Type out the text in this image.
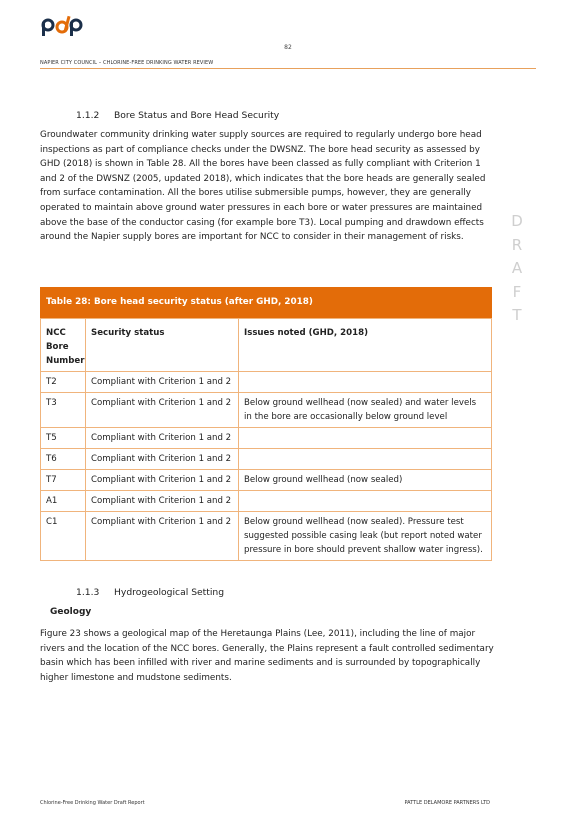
82
NAPIER CITY COUNCIL – CHLORINE-FREE DRINKING WATER REVIEW
1.1.2 Bore Status and Bore Head Security
Groundwater community drinking water supply sources are required to regularly undergo bore head inspections as part of compliance checks under the DWSNZ. The bore head security as assessed by GHD (2018) is shown in Table 28. All the bores have been classed as fully compliant with Criterion 1 and 2 of the DWSNZ (2005, updated 2018), which indicates that the bore heads are generally sealed from surface contamination. All the bores utilise submersible pumps, however, they are generally operated to maintain above ground water pressures in each bore or water pressures are maintained above the base of the conductor casing (for example bore T3). Local pumping and drawdown effects around the Napier supply bores are important for NCC to consider in their management of risks.
D
R
A
F
T
Table 28: Bore head security status (after GHD, 2018)
NCC Bore Number	Security status	Issues noted (GHD, 2018)
T2	Compliant with Criterion 1 and 2	
T3	Compliant with Criterion 1 and 2	Below ground wellhead (now sealed) and water levels in the bore are occasionally below ground level
T5	Compliant with Criterion 1 and 2	
T6	Compliant with Criterion 1 and 2	
T7	Compliant with Criterion 1 and 2	Below ground wellhead (now sealed)
A1	Compliant with Criterion 1 and 2	
C1	Compliant with Criterion 1 and 2	Below ground wellhead (now sealed). Pressure test suggested possible casing leak (but report noted water pressure in bore should prevent shallow water ingress).
1.1.3 Hydrogeological Setting
Geology
Figure 23 shows a geological map of the Heretaunga Plains (Lee, 2011), including the line of major rivers and the location of the NCC bores. Generally, the Plains represent a fault controlled sedimentary basin which has been infilled with river and marine sediments and is surrounded by topographically higher limestone and mudstone sediments.
Chlorine-Free Drinking Water Draft Report	PATTLE DELAMORE PARTNERS LTD
